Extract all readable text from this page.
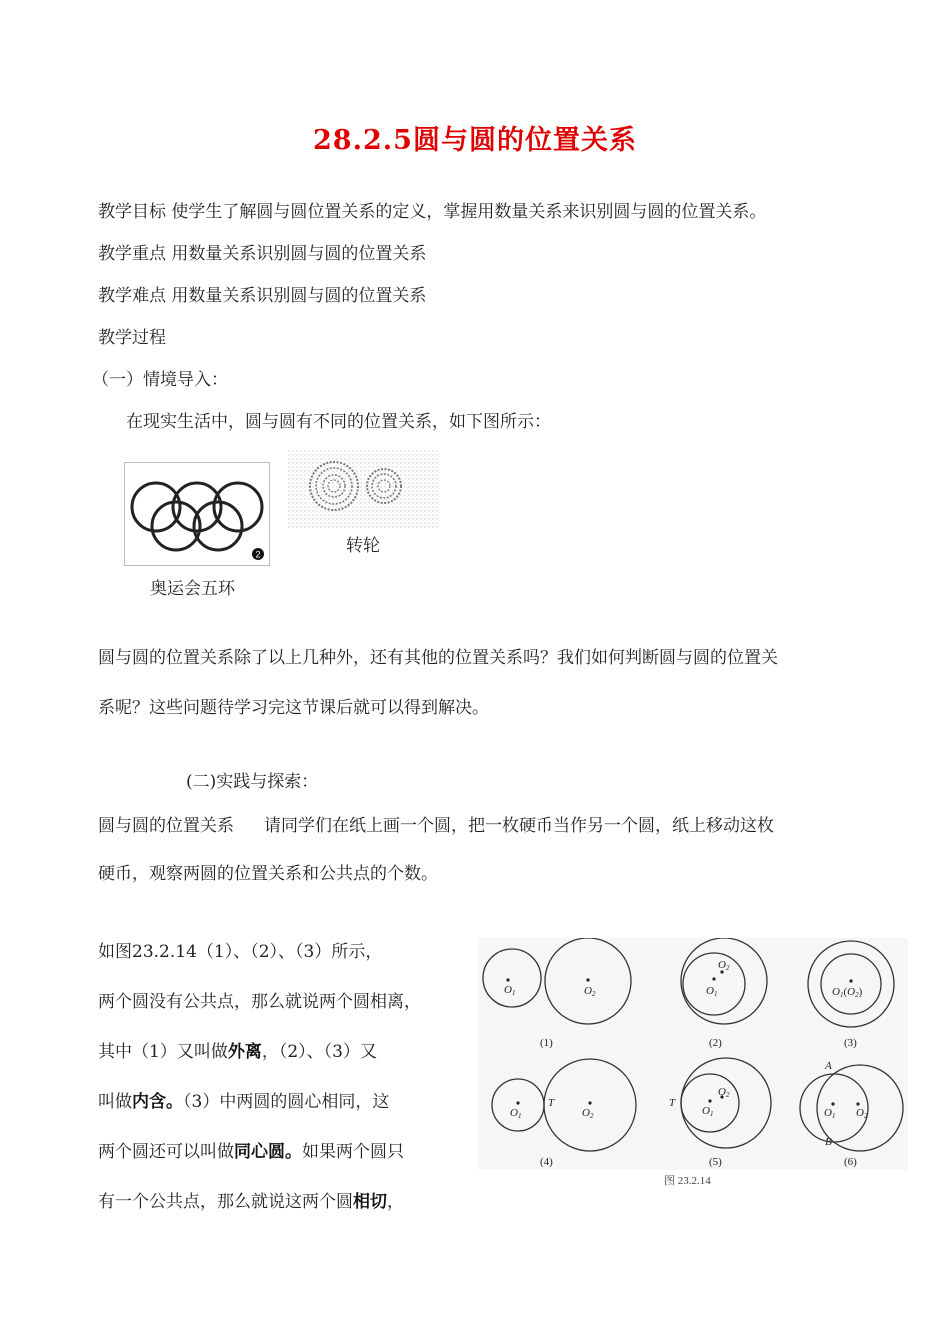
28.2.5圆与圆的位置关系
教学目标 使学生了解圆与圆位置关系的定义，掌握用数量关系来识别圆与圆的位置关系。
教学重点 用数量关系识别圆与圆的位置关系
教学难点 用数量关系识别圆与圆的位置关系
教学过程
（一）情境导入：
在现实生活中，圆与圆有不同的位置关系，如下图所示：
2
奥运会五环
转轮
圆与圆的位置关系除了以上几种外，还有其他的位置关系吗？我们如何判断圆与圆的位置关
系呢？这些问题待学习完这节课后就可以得到解决。
(二)实践与探索：
圆与圆的位置关系 请同学们在纸上画一个圆，把一枚硬币当作另一个圆，纸上移动这枚
硬币，观察两圆的位置关系和公共点的个数。
如图23.2.14（1）、（2）、（3）所示，
两个圆没有公共点，那么就说两个圆相离，
其中（1）又叫做外离，（2）、（3）又
叫做内含。（3）中两圆的圆心相同，这
两个圆还可以叫做同心圆。如果两个圆只
有一个公共点，那么就说这两个圆相切，
O1	O2	O1
O2
O1(O2)
O1	O2
T
O1
O2
T
O1 O2
A
B
(1)	(2)	(3)
(4)	(5)	(6)
图 23.2.14
